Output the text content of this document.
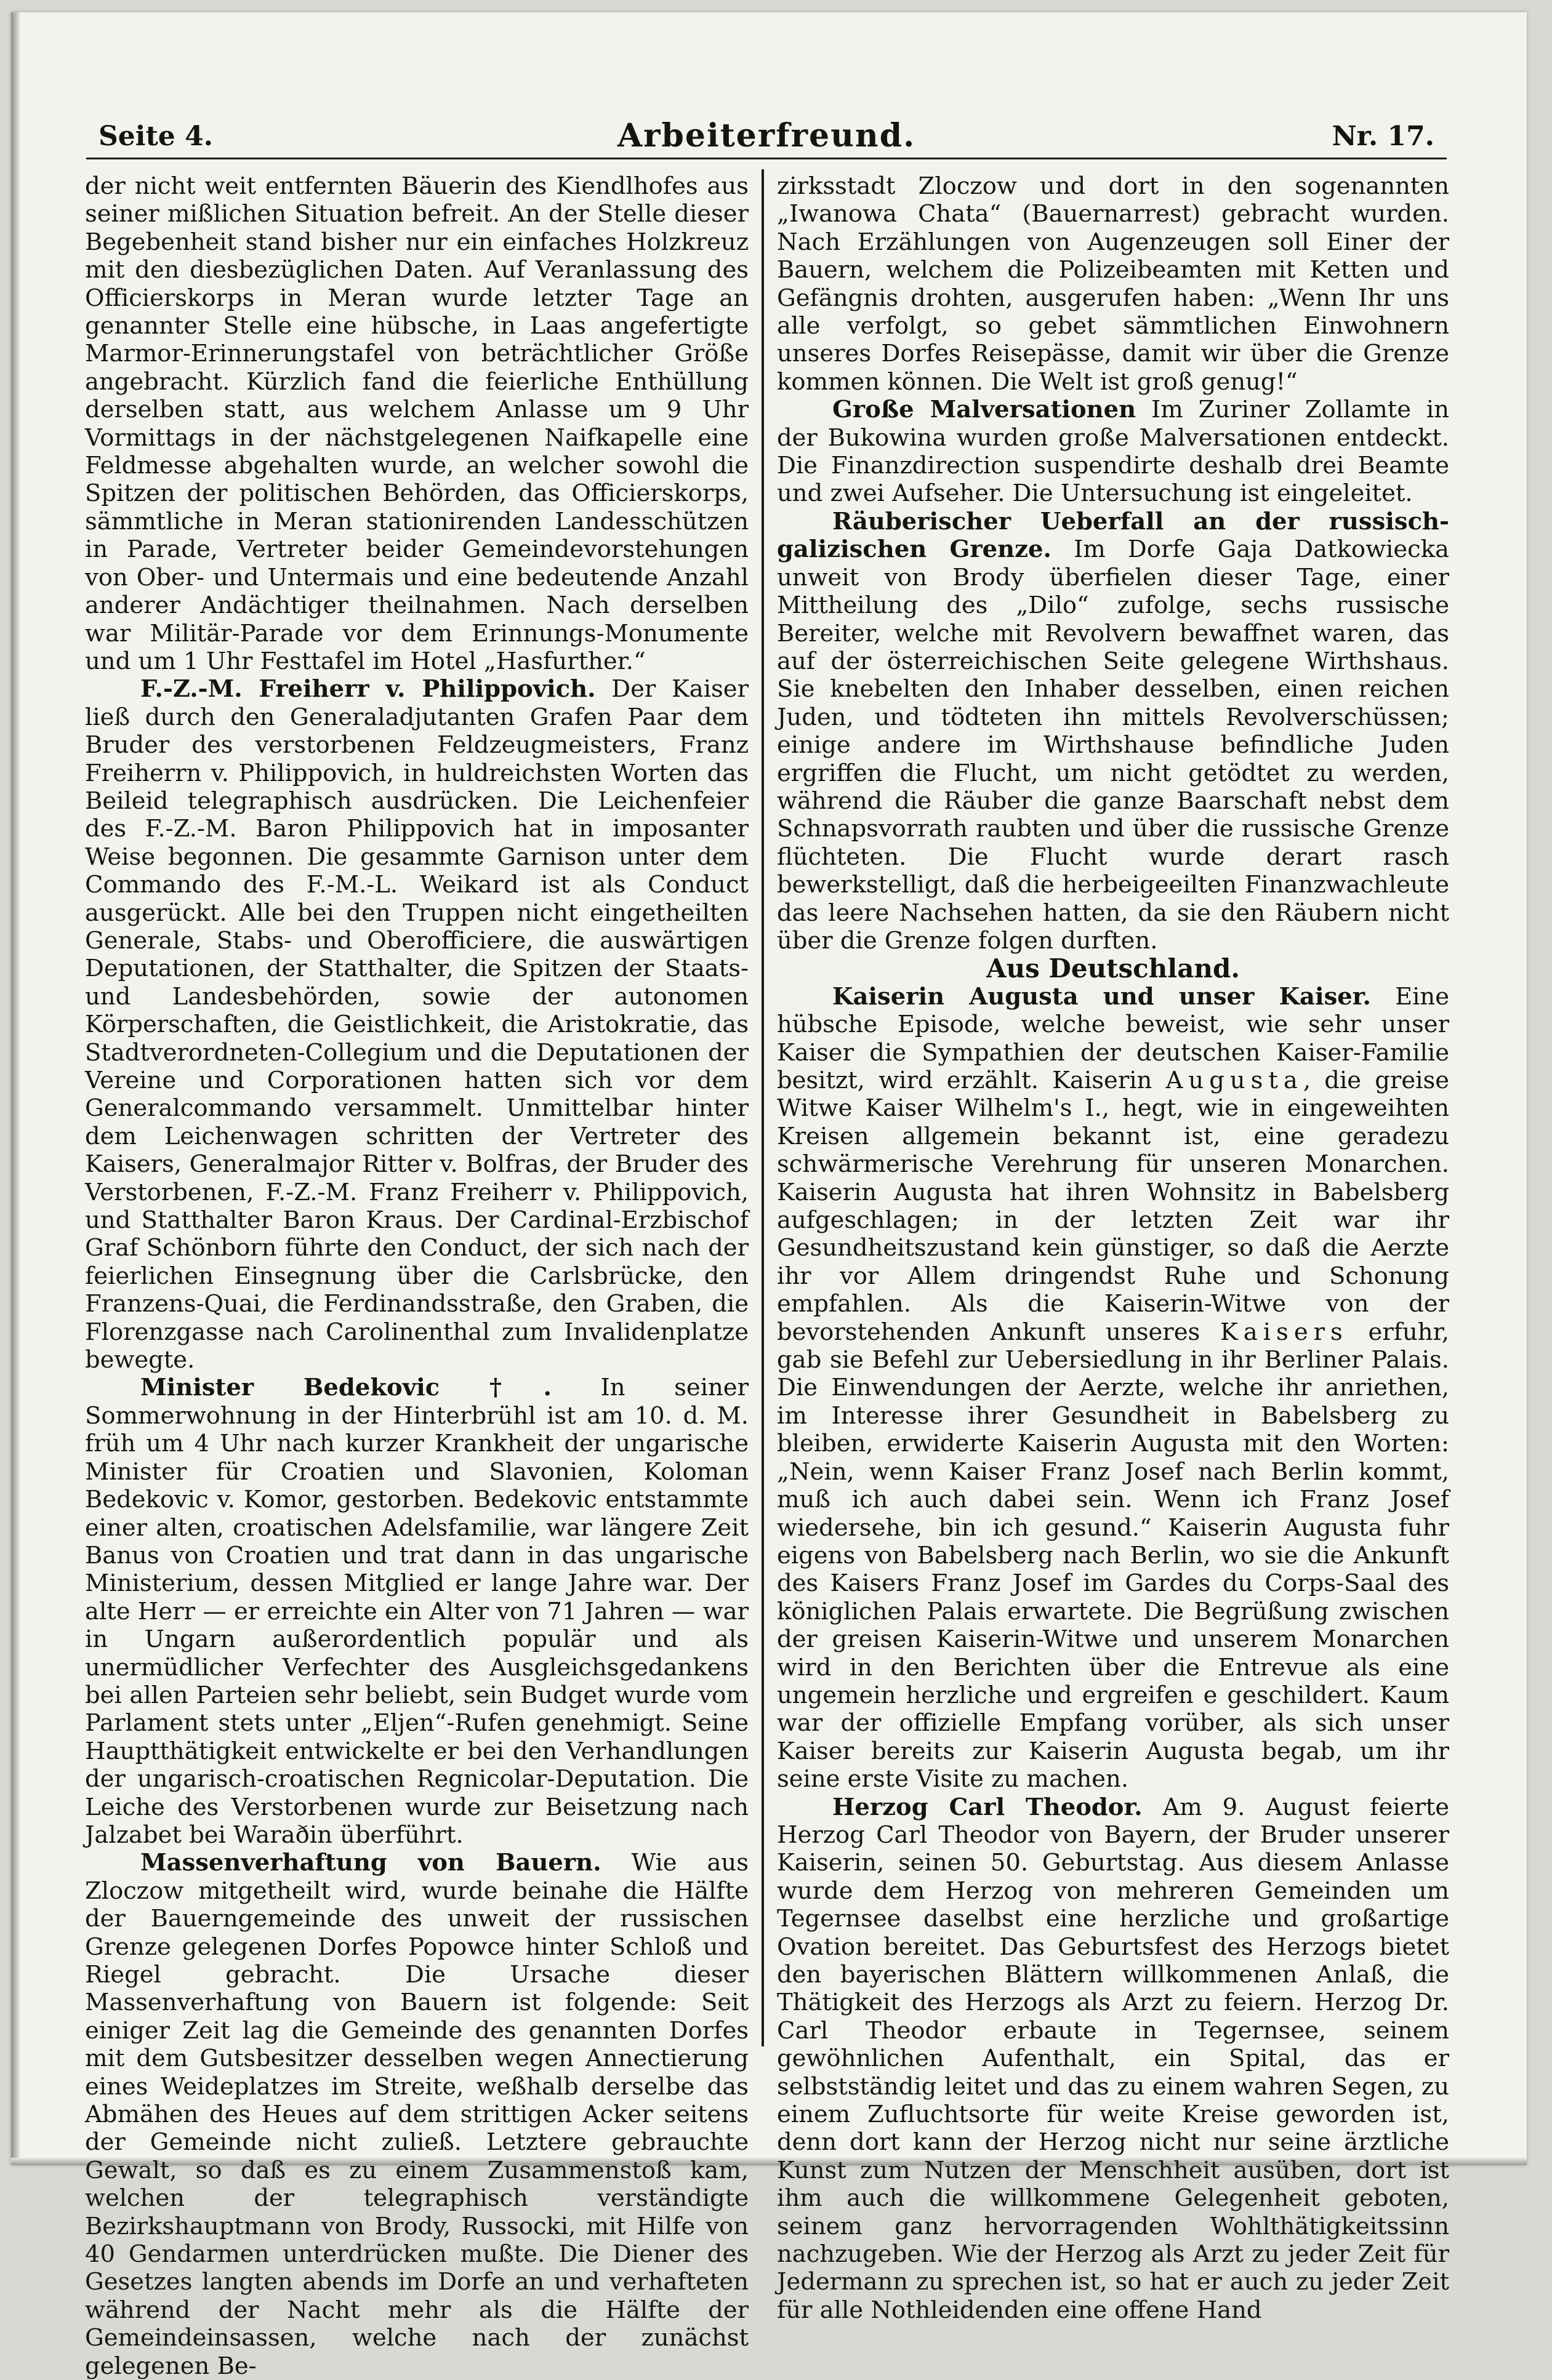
Seite 4.	Arbeiterfreund.	Nr. 17.

der nicht weit entfernten Bäuerin des Kiendlhofes aus seiner mißlichen Situation befreit. An der Stelle dieser Begebenheit stand bisher nur ein einfaches Holzkreuz mit den diesbezüglichen Daten. Auf Veranlassung des Officierskorps in Meran wurde letzter Tage an genannter Stelle eine hübsche, in Laas angefertigte Marmor-Erinnerungstafel von beträchtlicher Größe angebracht. Kürzlich fand die feierliche Enthüllung derselben statt, aus welchem Anlasse um 9 Uhr Vormittags in der nächstgelegenen Naifkapelle eine Feldmesse abgehalten wurde, an welcher sowohl die Spitzen der politischen Behörden, das Officierskorps, sämmtliche in Meran stationirenden Landesschützen in Parade, Vertreter beider Gemeindevorstehungen von Ober- und Untermais und eine bedeutende Anzahl anderer Andächtiger theilnahmen. Nach derselben war Militär-Parade vor dem Erinnungs-Monumente und um 1 Uhr Festtafel im Hotel „Hasfurther.“

F.-Z.-M. Freiherr v. Philippovich. Der Kaiser ließ durch den Generaladjutanten Grafen Paar dem Bruder des verstorbenen Feldzeugmeisters, Franz Freiherrn v. Philippovich, in huldreichsten Worten das Beileid telegraphisch ausdrücken. Die Leichenfeier des F.-Z.-M. Baron Philippovich hat in imposanter Weise begonnen. Die gesammte Garnison unter dem Commando des F.-M.-L. Weikard ist als Conduct ausgerückt. Alle bei den Truppen nicht eingetheilten Generale, Stabs- und Oberofficiere, die auswärtigen Deputationen, der Statthalter, die Spitzen der Staats- und Landesbehörden, sowie der autonomen Körperschaften, die Geistlichkeit, die Aristokratie, das Stadtverordneten-Collegium und die Deputationen der Vereine und Corporationen hatten sich vor dem Generalcommando versammelt. Unmittelbar hinter dem Leichenwagen schritten der Vertreter des Kaisers, Generalmajor Ritter v. Bolfras, der Bruder des Verstorbenen, F.-Z.-M. Franz Freiherr v. Philippovich, und Statthalter Baron Kraus. Der Cardinal-Erzbischof Graf Schönborn führte den Conduct, der sich nach der feierlichen Einsegnung über die Carlsbrücke, den Franzens-Quai, die Ferdinandsstraße, den Graben, die Florenzgasse nach Carolinenthal zum Invalidenplatze bewegte.

Minister Bedekovic †. In seiner Sommerwohnung in der Hinterbrühl ist am 10. d. M. früh um 4 Uhr nach kurzer Krankheit der ungarische Minister für Croatien und Slavonien, Koloman Bedekovic v. Komor, gestorben. Bedekovic entstammte einer alten, croatischen Adelsfamilie, war längere Zeit Banus von Croatien und trat dann in das ungarische Ministerium, dessen Mitglied er lange Jahre war. Der alte Herr — er erreichte ein Alter von 71 Jahren — war in Ungarn außerordentlich populär und als unermüdlicher Verfechter des Ausgleichsgedankens bei allen Parteien sehr beliebt, sein Budget wurde vom Parlament stets unter „Eljen“-Rufen genehmigt. Seine Hauptthätigkeit entwickelte er bei den Verhandlungen der ungarisch-croatischen Regnicolar-Deputation. Die Leiche des Verstorbenen wurde zur Beisetzung nach Jalzabet bei Waraðin überführt.

Massenverhaftung von Bauern. Wie aus Zloczow mitgetheilt wird, wurde beinahe die Hälfte der Bauerngemeinde des unweit der russischen Grenze gelegenen Dorfes Popowce hinter Schloß und Riegel gebracht. Die Ursache dieser Massenverhaftung von Bauern ist folgende: Seit einiger Zeit lag die Gemeinde des genannten Dorfes mit dem Gutsbesitzer desselben wegen Annectierung eines Weideplatzes im Streite, weßhalb derselbe das Abmähen des Heues auf dem strittigen Acker seitens der Gemeinde nicht zuließ. Letztere gebrauchte Gewalt, so daß es zu einem Zusammenstoß kam, welchen der telegraphisch verständigte Bezirkshauptmann von Brody, Russocki, mit Hilfe von 40 Gendarmen unterdrücken mußte. Die Diener des Gesetzes langten abends im Dorfe an und verhafteten während der Nacht mehr als die Hälfte der Gemeindeinsassen, welche nach der zunächst gelegenen Be-

zirksstadt Zloczow und dort in den sogenannten „Iwanowa Chata“ (Bauernarrest) gebracht wurden. Nach Erzählungen von Augenzeugen soll Einer der Bauern, welchem die Polizeibeamten mit Ketten und Gefängnis drohten, ausgerufen haben: „Wenn Ihr uns alle verfolgt, so gebet sämmtlichen Einwohnern unseres Dorfes Reisepässe, damit wir über die Grenze kommen können. Die Welt ist groß genug!“

Große Malversationen Im Zuriner Zollamte in der Bukowina wurden große Malversationen entdeckt. Die Finanzdirection suspendirte deshalb drei Beamte und zwei Aufseher. Die Untersuchung ist eingeleitet.

Räuberischer Ueberfall an der russisch-galizischen Grenze. Im Dorfe Gaja Datkowiecka unweit von Brody überfielen dieser Tage, einer Mittheilung des „Dilo“ zufolge, sechs russische Bereiter, welche mit Revolvern bewaffnet waren, das auf der österreichischen Seite gelegene Wirthshaus. Sie knebelten den Inhaber desselben, einen reichen Juden, und tödteten ihn mittels Revolverschüssen; einige andere im Wirthshause befindliche Juden ergriffen die Flucht, um nicht getödtet zu werden, während die Räuber die ganze Baarschaft nebst dem Schnapsvorrath raubten und über die russische Grenze flüchteten. Die Flucht wurde derart rasch bewerkstelligt, daß die herbeigeeilten Finanzwachleute das leere Nachsehen hatten, da sie den Räubern nicht über die Grenze folgen durften.

Aus Deutschland.

Kaiserin Augusta und unser Kaiser. Eine hübsche Episode, welche beweist, wie sehr unser Kaiser die Sympathien der deutschen Kaiser-Familie besitzt, wird erzählt. Kaiserin Augusta, die greise Witwe Kaiser Wilhelm's I., hegt, wie in eingeweihten Kreisen allgemein bekannt ist, eine geradezu schwärmerische Verehrung für unseren Monarchen. Kaiserin Augusta hat ihren Wohnsitz in Babelsberg aufgeschlagen; in der letzten Zeit war ihr Gesundheitszustand kein günstiger, so daß die Aerzte ihr vor Allem dringendst Ruhe und Schonung empfahlen. Als die Kaiserin-Witwe von der bevorstehenden Ankunft unseres Kaisers erfuhr, gab sie Befehl zur Uebersiedlung in ihr Berliner Palais. Die Einwendungen der Aerzte, welche ihr anriethen, im Interesse ihrer Gesundheit in Babelsberg zu bleiben, erwiderte Kaiserin Augusta mit den Worten: „Nein, wenn Kaiser Franz Josef nach Berlin kommt, muß ich auch dabei sein. Wenn ich Franz Josef wiedersehe, bin ich gesund.“ Kaiserin Augusta fuhr eigens von Babelsberg nach Berlin, wo sie die Ankunft des Kaisers Franz Josef im Gardes du Corps-Saal des königlichen Palais erwartete. Die Begrüßung zwischen der greisen Kaiserin-Witwe und unserem Monarchen wird in den Berichten über die Entrevue als eine ungemein herzliche und ergreifen e geschildert. Kaum war der offizielle Empfang vorüber, als sich unser Kaiser bereits zur Kaiserin Augusta begab, um ihr seine erste Visite zu machen.

Herzog Carl Theodor. Am 9. August feierte Herzog Carl Theodor von Bayern, der Bruder unserer Kaiserin, seinen 50. Geburtstag. Aus diesem Anlasse wurde dem Herzog von mehreren Gemeinden um Tegernsee daselbst eine herzliche und großartige Ovation bereitet. Das Geburtsfest des Herzogs bietet den bayerischen Blättern willkommenen Anlaß, die Thätigkeit des Herzogs als Arzt zu feiern. Herzog Dr. Carl Theodor erbaute in Tegernsee, seinem gewöhnlichen Aufenthalt, ein Spital, das er selbstständig leitet und das zu einem wahren Segen, zu einem Zufluchtsorte für weite Kreise geworden ist, denn dort kann der Herzog nicht nur seine ärztliche Kunst zum Nutzen der Menschheit ausüben, dort ist ihm auch die willkommene Gelegenheit geboten, seinem ganz hervorragenden Wohlthätigkeitssinn nachzugeben. Wie der Herzog als Arzt zu jeder Zeit für Jedermann zu sprechen ist, so hat er auch zu jeder Zeit für alle Nothleidenden eine offene Hand
